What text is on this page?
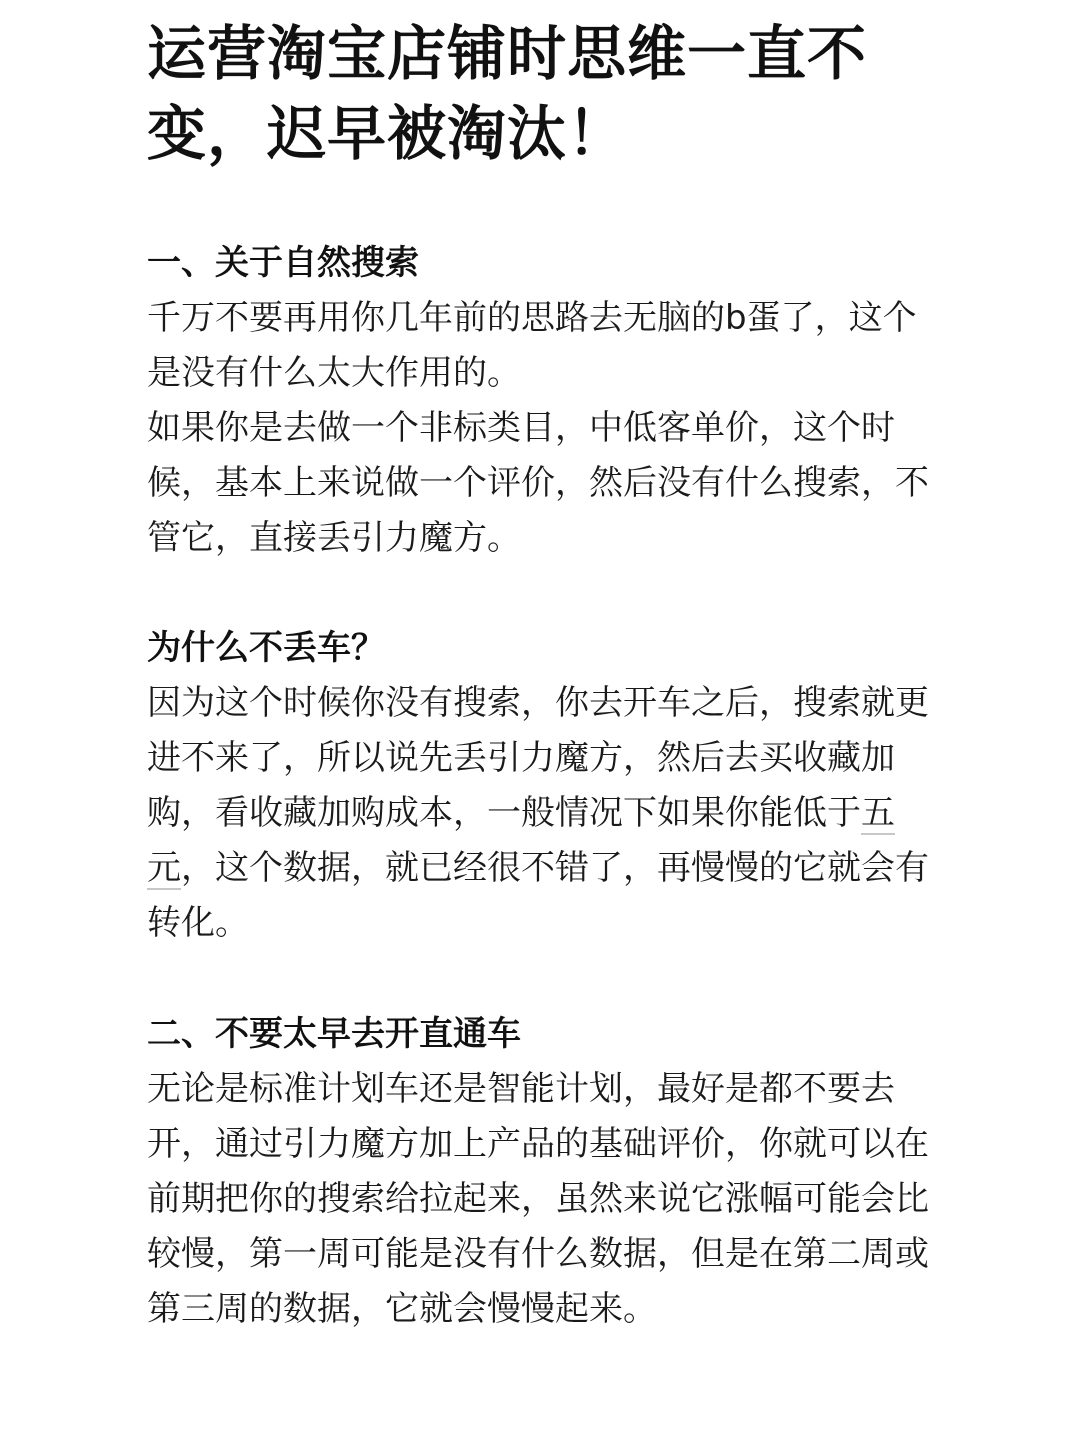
运营淘宝店铺时思维一直不变，迟早被淘汰！
一、关于自然搜索

千万不要再用你几年前的思路去无脑的b蛋了，这个是没有什么太大作用的。

如果你是去做一个非标类目，中低客单价，这个时候，基本上来说做一个评价，然后没有什么搜索，不管它，直接丢引力魔方。

为什么不丢车？

因为这个时候你没有搜索，你去开车之后，搜索就更进不来了，所以说先丢引力魔方，然后去买收藏加购，看收藏加购成本，一般情况下如果你能低于五元，这个数据，就已经很不错了，再慢慢的它就会有转化。

二、不要太早去开直通车

无论是标准计划车还是智能计划，最好是都不要去开，通过引力魔方加上产品的基础评价，你就可以在前期把你的搜索给拉起来，虽然来说它涨幅可能会比较慢，第一周可能是没有什么数据，但是在第二周或第三周的数据，它就会慢慢起来。
